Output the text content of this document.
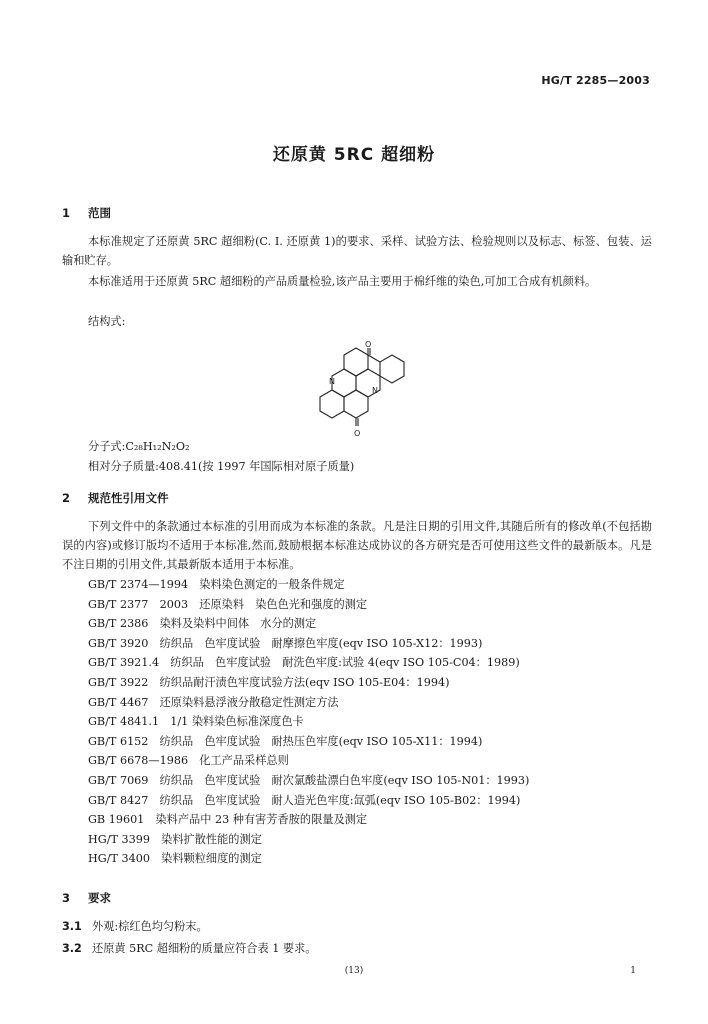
HG/T 2285—2003
还原黄 5RC 超细粉
1 范围

本标准规定了还原黄 5RC 超细粉(C. I. 还原黄 1)的要求、采样、试验方法、检验规则以及标志、标签、包装、运输和贮存。

本标准适用于还原黄 5RC 超细粉的产品质量检验,该产品主要用于棉纤维的染色,可加工合成有机颜料。

结构式:
N
N
O
O
分子式:C₂₈H₁₂N₂O₂
相对分子质量:408.41(按 1997 年国际相对原子质量)
2 规范性引用文件

下列文件中的条款通过本标准的引用而成为本标准的条款。凡是注日期的引用文件,其随后所有的修改单(不包括勘误的内容)或修订版均不适用于本标准,然而,鼓励根据本标准达成协议的各方研究是否可使用这些文件的最新版本。凡是不注日期的引用文件,其最新版本适用于本标准。

GB/T 2374—1994　染料染色测定的一般条件规定
GB/T 2377　2003　还原染料　染色色光和强度的测定
GB/T 2386　染料及染料中间体　水分的测定
GB/T 3920　纺织品　色牢度试验　耐摩擦色牢度(eqv ISO 105-X12：1993)
GB/T 3921.4　纺织品　色牢度试验　耐洗色牢度:试验 4(eqv ISO 105-C04：1989)
GB/T 3922　纺织品耐汗渍色牢度试验方法(eqv ISO 105-E04：1994)
GB/T 4467　还原染料悬浮液分散稳定性测定方法
GB/T 4841.1　1/1 染料染色标准深度色卡
GB/T 6152　纺织品　色牢度试验　耐热压色牢度(eqv ISO 105-X11：1994)
GB/T 6678—1986　化工产品采样总则
GB/T 7069　纺织品　色牢度试验　耐次氯酸盐漂白色牢度(eqv ISO 105-N01：1993)
GB/T 8427　纺织品　色牢度试验　耐人造光色牢度:氙弧(eqv ISO 105-B02：1994)
GB 19601　染料产品中 23 种有害芳香胺的限量及测定
HG/T 3399　染料扩散性能的测定
HG/T 3400　染料颗粒细度的测定
3 要求
3.1 外观:棕红色均匀粉末。
3.2 还原黄 5RC 超细粉的质量应符合表 1 要求。
(13)	1
